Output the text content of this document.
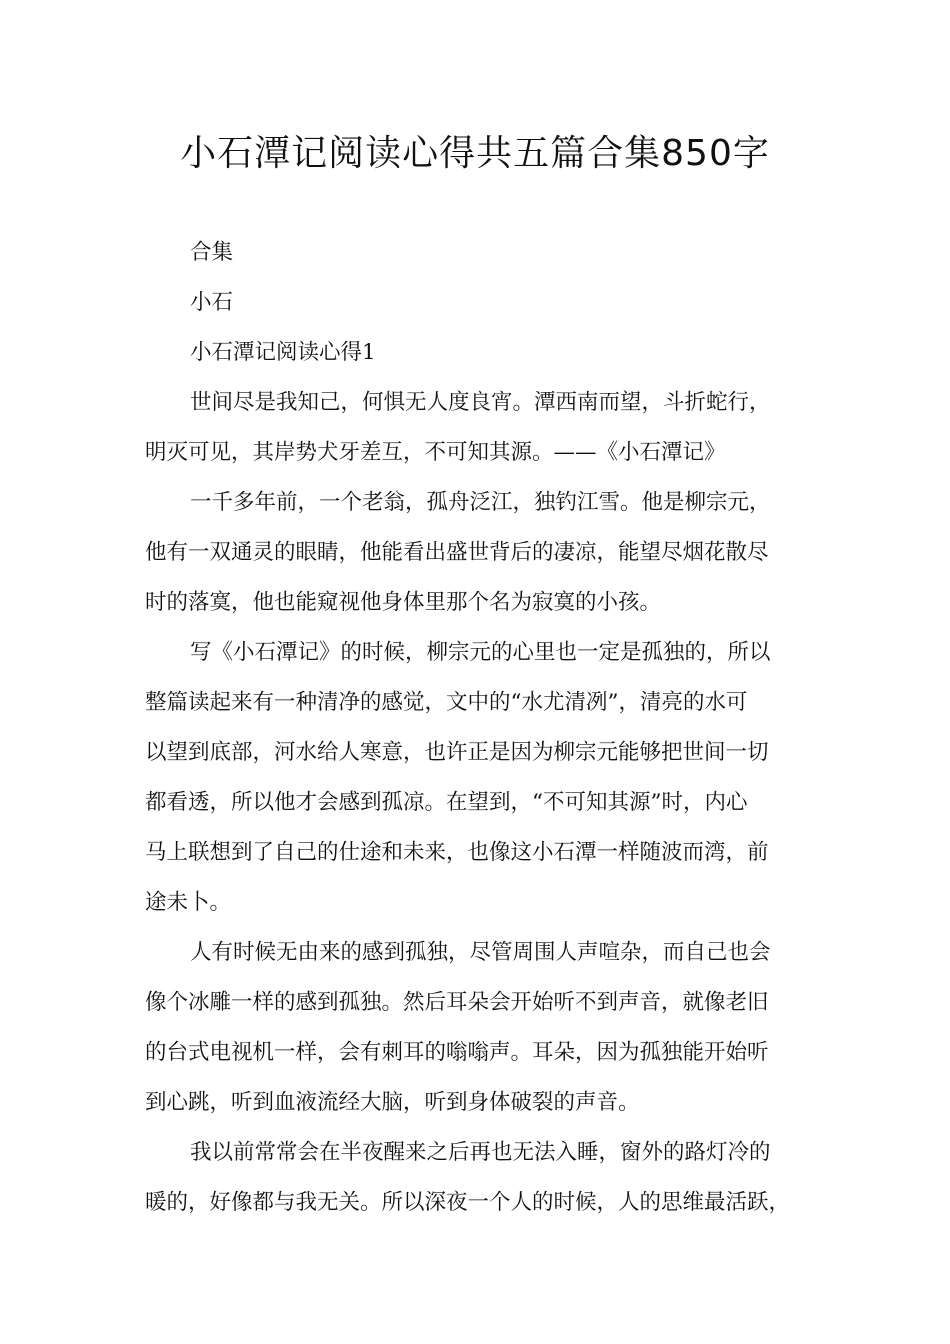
小石潭记阅读心得共五篇合集850字
合集
小石
小石潭记阅读心得1
世间尽是我知己，何惧无人度良宵。潭西南而望，斗折蛇行，
明灭可见，其岸势犬牙差互，不可知其源。——《小石潭记》
一千多年前，一个老翁，孤舟泛江，独钓江雪。他是柳宗元，
他有一双通灵的眼睛，他能看出盛世背后的凄凉，能望尽烟花散尽
时的落寞，他也能窥视他身体里那个名为寂寞的小孩。
写《小石潭记》的时候，柳宗元的心里也一定是孤独的，所以
整篇读起来有一种清净的感觉，文中的“水尤清冽”，清亮的水可
以望到底部，河水给人寒意，也许正是因为柳宗元能够把世间一切
都看透，所以他才会感到孤凉。在望到，“不可知其源”时，内心
马上联想到了自己的仕途和未来，也像这小石潭一样随波而湾，前
途未卜。
人有时候无由来的感到孤独，尽管周围人声喧杂，而自己也会
像个冰雕一样的感到孤独。然后耳朵会开始听不到声音，就像老旧
的台式电视机一样，会有刺耳的嗡嗡声。耳朵，因为孤独能开始听
到心跳，听到血液流经大脑，听到身体破裂的声音。
我以前常常会在半夜醒来之后再也无法入睡，窗外的路灯冷的
暖的，好像都与我无关。所以深夜一个人的时候，人的思维最活跃，
